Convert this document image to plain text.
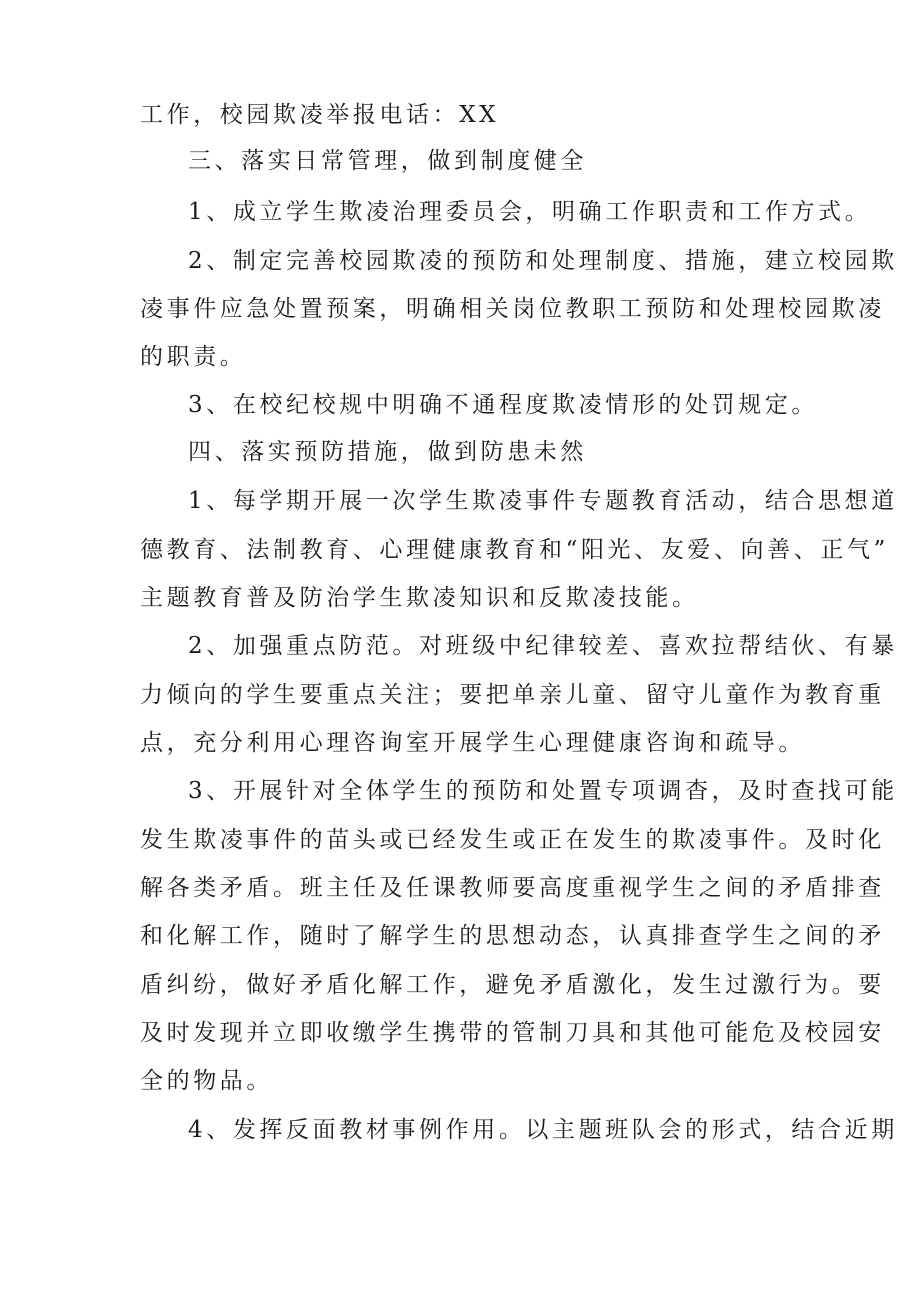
工作，校园欺凌举报电话：XX
三、落实日常管理，做到制度健全
1、成立学生欺凌治理委员会，明确工作职责和工作方式。
2、制定完善校园欺凌的预防和处理制度、措施，建立校园欺
凌事件应急处置预案，明确相关岗位教职工预防和处理校园欺凌
的职责。
3、在校纪校规中明确不通程度欺凌情形的处罚规定。
四、落实预防措施，做到防患未然
1、每学期开展一次学生欺凌事件专题教育活动，结合思想道
德教育、法制教育、心理健康教育和“阳光、友爱、向善、正气”
主题教育普及防治学生欺凌知识和反欺凌技能。
2、加强重点防范。对班级中纪律较差、喜欢拉帮结伙、有暴
力倾向的学生要重点关注；要把单亲儿童、留守儿童作为教育重
点，充分利用心理咨询室开展学生心理健康咨询和疏导。
3、开展针对全体学生的预防和处置专项调杳，及时查找可能
发生欺凌事件的苗头或已经发生或正在发生的欺凌事件。及时化
解各类矛盾。班主任及任课教师要高度重视学生之间的矛盾排查
和化解工作，随时了解学生的思想动态，认真排查学生之间的矛
盾纠纷，做好矛盾化解工作，避免矛盾激化，发生过激行为。要
及时发现并立即收缴学生携带的管制刀具和其他可能危及校园安
全的物品。
4、发挥反面教材事例作用。以主题班队会的形式，结合近期
